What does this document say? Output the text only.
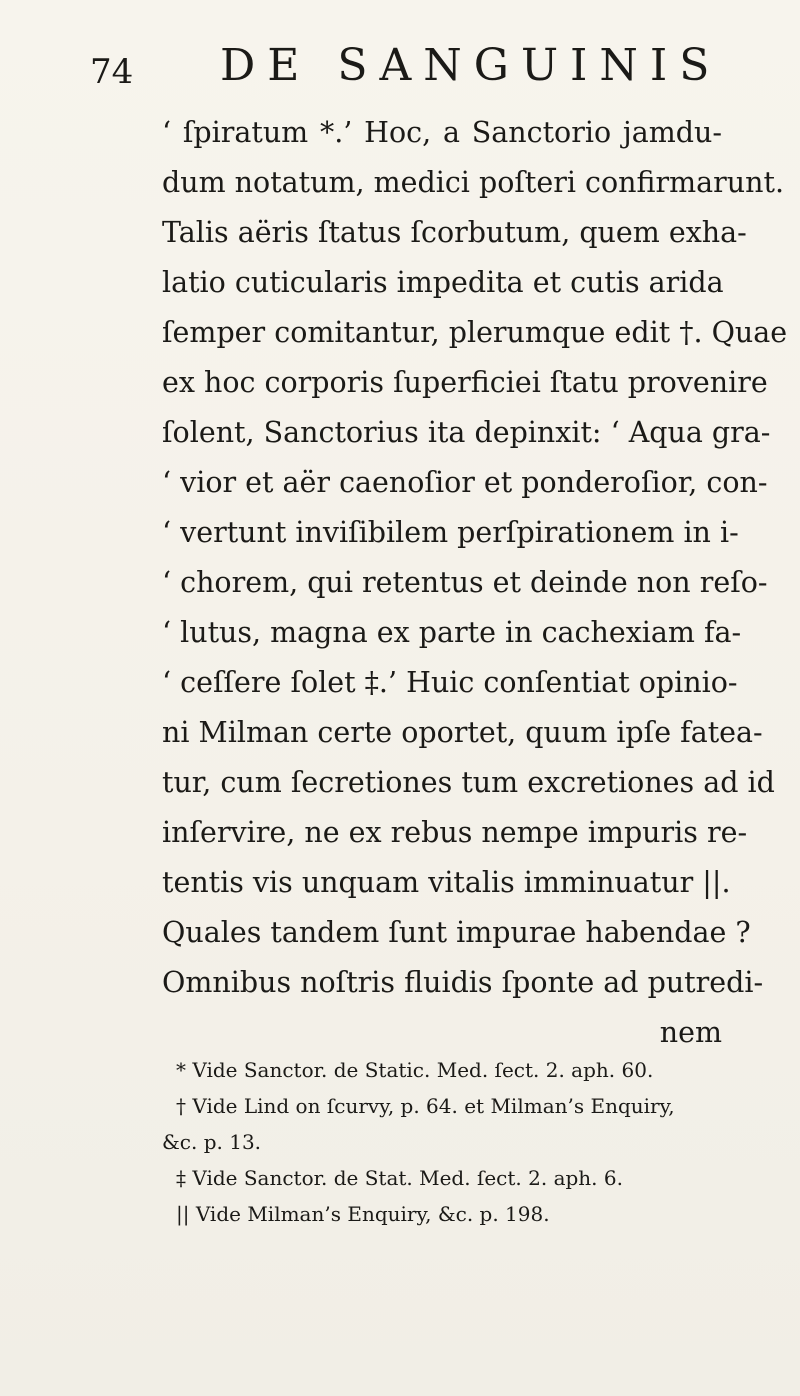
74 DE SANGUINIS
‘ ſpiratum *.’ Hoc, a Sanctorio jamdu-
dum notatum, medici poſteri confirmarunt.
Talis aëris ſtatus ſcorbutum, quem exha-
latio cuticularis impedita et cutis arida
ſemper comitantur, plerumque edit †. Quae
ex hoc corporis ſuperficiei ſtatu provenire
ſolent, Sanctorius ita depinxit: ‘ Aqua gra-
‘ vior et aër caenoſior et ponderoſior, con-
‘ vertunt inviſibilem perſpirationem in i-
‘ chorem, qui retentus et deinde non reſo-
‘ lutus, magna ex parte in cachexiam fa-
‘ ceſſere ſolet ‡.’ Huic conſentiat opinio-
ni Milman certe oportet, quum ipſe fatea-
tur, cum ſecretiones tum excretiones ad id
inſervire, ne ex rebus nempe impuris re-
tentis vis unquam vitalis imminuatur ||.
Quales tandem ſunt impurae habendae ?
Omnibus noſtris fluidis ſponte ad putredi-
nem
* Vide Sanctor. de Static. Med. ſect. 2. aph. 60.
† Vide Lind on ſcurvy, p. 64. et Milman’s Enquiry,
&c. p. 13.
‡ Vide Sanctor. de Stat. Med. ſect. 2. aph. 6.
|| Vide Milman’s Enquiry, &c. p. 198.
